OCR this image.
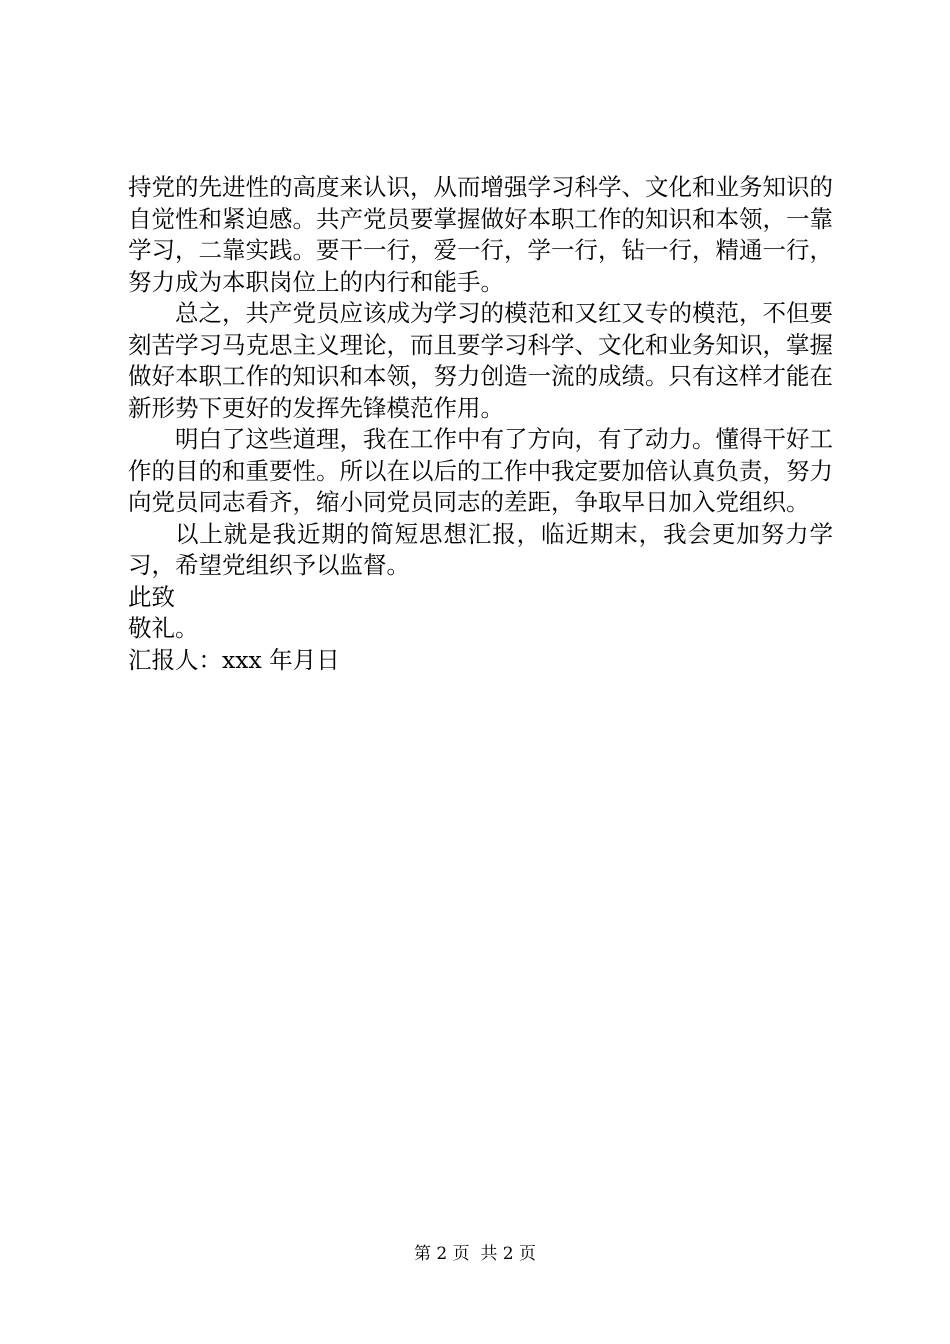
持党的先进性的高度来认识，从而增强学习科学、文化和业务知识的自觉性和紧迫感。共产党员要掌握做好本职工作的知识和本领，一靠学习，二靠实践。要干一行，爱一行，学一行，钻一行，精通一行，努力成为本职岗位上的内行和能手。

总之，共产党员应该成为学习的模范和又红又专的模范，不但要刻苦学习马克思主义理论，而且要学习科学、文化和业务知识，掌握做好本职工作的知识和本领，努力创造一流的成绩。只有这样才能在新形势下更好的发挥先锋模范作用。

明白了这些道理，我在工作中有了方向，有了动力。懂得干好工作的目的和重要性。所以在以后的工作中我定要加倍认真负责，努力向党员同志看齐，缩小同党员同志的差距，争取早日加入党组织。

以上就是我近期的简短思想汇报，临近期末，我会更加努力学习，希望党组织予以监督。

此致

敬礼。

汇报人：xxx 年月日

第 2 页  共 2 页
